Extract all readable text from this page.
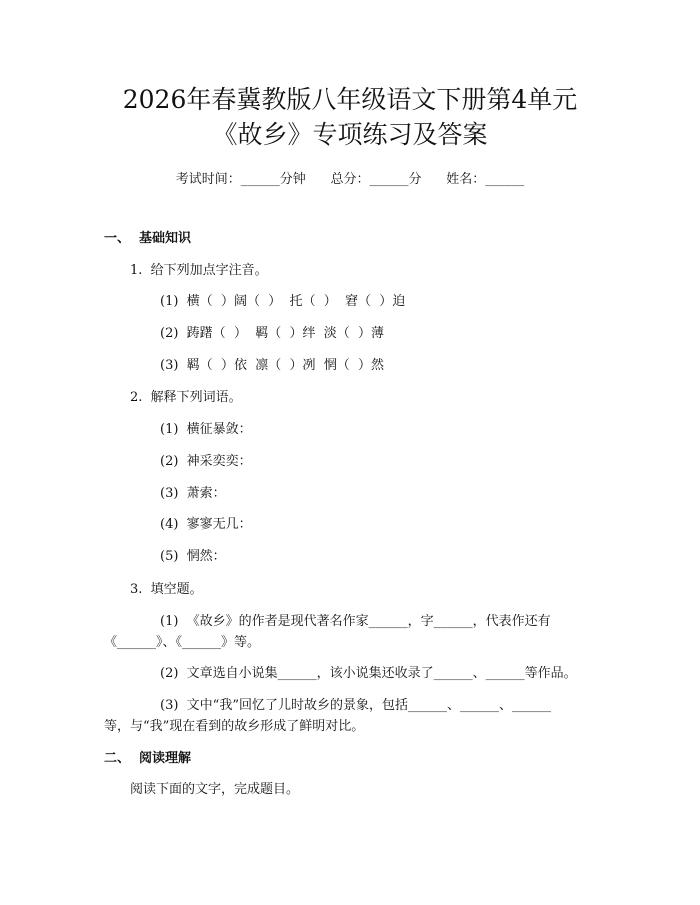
2026年春冀教版八年级语文下册第4单元
《故乡》专项练习及答案
考试时间：______分钟      总分：______分      姓名：______
一、  基础知识
1.  给下列加点字注音。
(1)  横（  ）阔（  ）  托（  ）  窘（  ）迫
(2)  踌躇（  ）  羁（  ）绊  淡（  ）薄
(3)  羁（  ）依  凛（  ）冽  惘（  ）然
2.  解释下列词语。
(1)  横征暴敛：
(2)  神采奕奕：
(3)  萧索：
(4)  寥寥无几：
(5)  惘然：
3.  填空题。
(1)  《故乡》的作者是现代著名作家______，字______，代表作还有
《______》、《______》等。
(2)  文章选自小说集______，该小说集还收录了______、______等作品。
(3)  文中“我”回忆了儿时故乡的景象，包括______、______、______
等，与“我”现在看到的故乡形成了鲜明对比。
二、  阅读理解
阅读下面的文字，完成题目。
